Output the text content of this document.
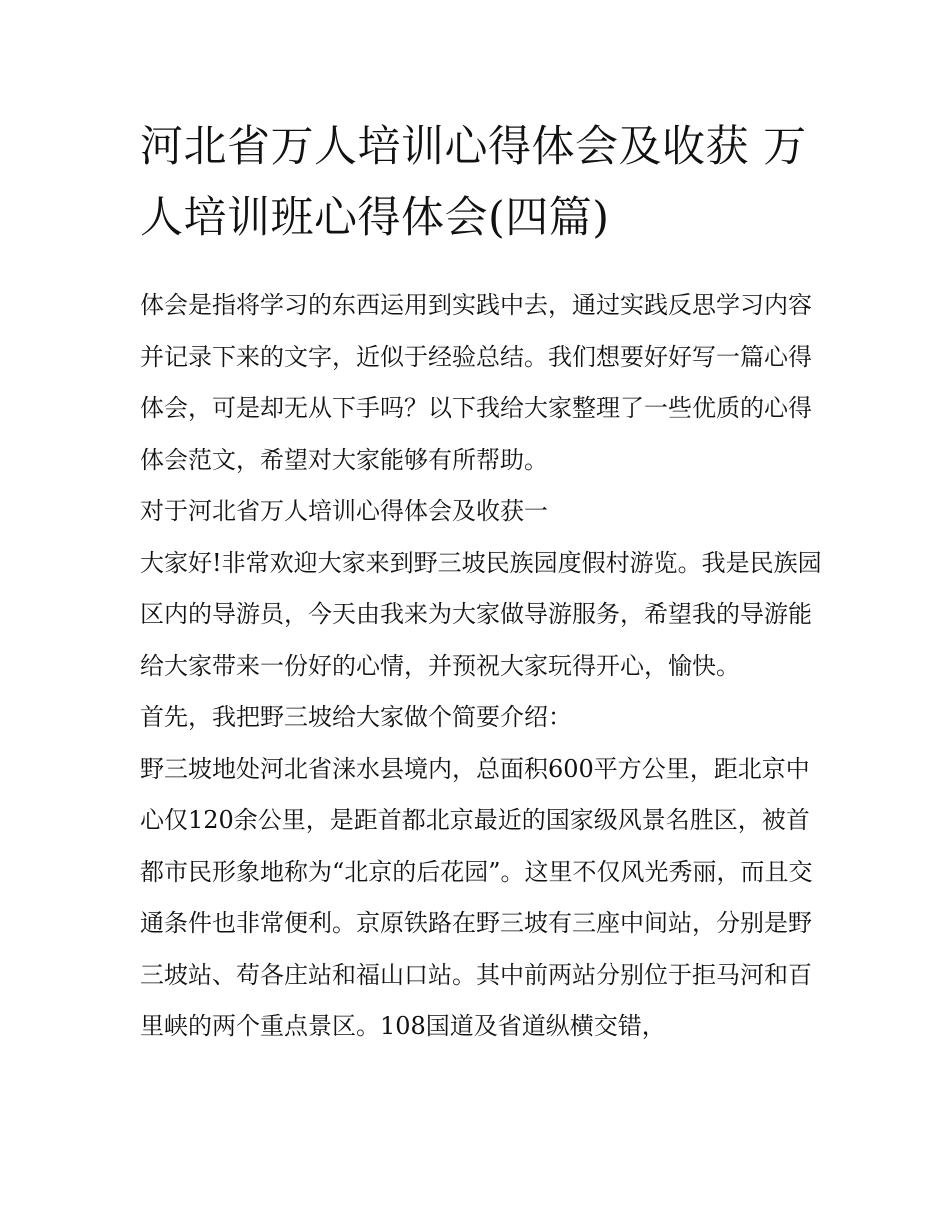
河北省万人培训心得体会及收获 万人培训班心得体会(四篇)

体会是指将学习的东西运用到实践中去，通过实践反思学习内容并记录下来的文字，近似于经验总结。我们想要好好写一篇心得体会，可是却无从下手吗？以下我给大家整理了一些优质的心得体会范文，希望对大家能够有所帮助。

对于河北省万人培训心得体会及收获一

大家好!非常欢迎大家来到野三坡民族园度假村游览。我是民族园区内的导游员，今天由我来为大家做导游服务，希望我的导游能给大家带来一份好的心情，并预祝大家玩得开心，愉快。

首先，我把野三坡给大家做个简要介绍：

野三坡地处河北省涞水县境内，总面积600平方公里，距北京中心仅120余公里，是距首都北京最近的国家级风景名胜区，被首都市民形象地称为“北京的后花园”。这里不仅风光秀丽，而且交通条件也非常便利。京原铁路在野三坡有三座中间站，分别是野三坡站、苟各庄站和福山口站。其中前两站分别位于拒马河和百里峡的两个重点景区。108国道及省道纵横交错，
